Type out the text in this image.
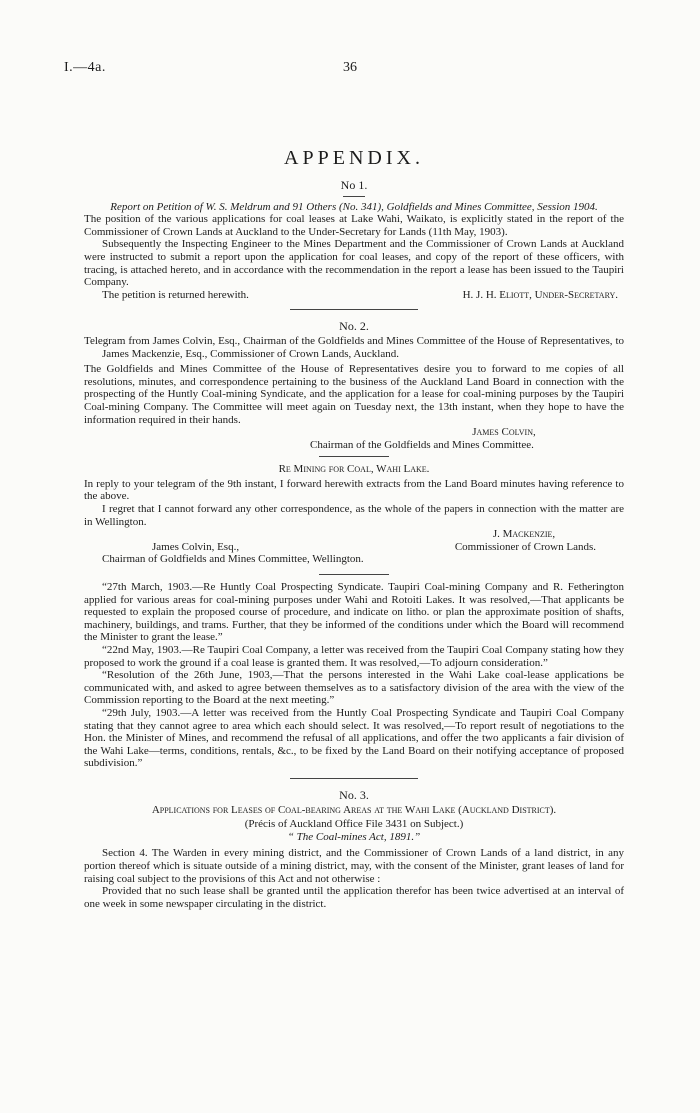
I.—4a.	36
APPENDIX.

No 1.

Report on Petition of W. S. Meldrum and 91 Others (No. 341), Goldfields and Mines Committee, Session 1904.

The position of the various applications for coal leases at Lake Wahi, Waikato, is explicitly stated in the report of the Commissioner of Crown Lands at Auckland to the Under-Secretary for Lands (11th May, 1903).

Subsequently the Inspecting Engineer to the Mines Department and the Commissioner of Crown Lands at Auckland were instructed to submit a report upon the application for coal leases, and copy of the report of these officers, with tracing, is attached hereto, and in accordance with the recommendation in the report a lease has been issued to the Taupiri Company.

The petition is returned herewith.	H. J. H. Eliott, Under-Secretary.

No. 2.

Telegram from James Colvin, Esq., Chairman of the Goldfields and Mines Committee of the House of Representatives, to James Mackenzie, Esq., Commissioner of Crown Lands, Auckland.

The Goldfields and Mines Committee of the House of Representatives desire you to forward to me copies of all resolutions, minutes, and correspondence pertaining to the business of the Auckland Land Board in connection with the prospecting of the Huntly Coal-mining Syndicate, and the application for a lease for coal-mining purposes by the Taupiri Coal-mining Company. The Committee will meet again on Tuesday next, the 13th instant, when they hope to have the information required in their hands.

James Colvin,

Chairman of the Goldfields and Mines Committee.

Re Mining for Coal, Wahi Lake.

In reply to your telegram of the 9th instant, I forward herewith extracts from the Land Board minutes having reference to the above.

I regret that I cannot forward any other correspondence, as the whole of the papers in connection with the matter are in Wellington.

J. Mackenzie,

James Colvin, Esq.,	Commissioner of Crown Lands.

Chairman of Goldfields and Mines Committee, Wellington.

“27th March, 1903.—Re Huntly Coal Prospecting Syndicate. Taupiri Coal-mining Company and R. Fetherington applied for various areas for coal-mining purposes under Wahi and Rotoiti Lakes. It was resolved,—That applicants be requested to explain the proposed course of procedure, and indicate on litho. or plan the approximate position of shafts, machinery, buildings, and trams. Further, that they be informed of the conditions under which the Board will recommend the Minister to grant the lease.”

“22nd May, 1903.—Re Taupiri Coal Company, a letter was received from the Taupiri Coal Company stating how they proposed to work the ground if a coal lease is granted them. It was resolved,—To adjourn consideration.”

“Resolution of the 26th June, 1903,—That the persons interested in the Wahi Lake coal-lease applications be communicated with, and asked to agree between themselves as to a satisfactory division of the area with the view of the Commission reporting to the Board at the next meeting.”

“29th July, 1903.—A letter was received from the Huntly Coal Prospecting Syndicate and Taupiri Coal Company stating that they cannot agree to area which each should select. It was resolved,—To report result of negotiations to the Hon. the Minister of Mines, and recommend the refusal of all applications, and offer the two applicants a fair division of the Wahi Lake—terms, conditions, rentals, &c., to be fixed by the Land Board on their notifying acceptance of proposed subdivision.”

No. 3.

Applications for Leases of Coal-bearing Areas at the Wahi Lake (Auckland District).

(Précis of Auckland Office File 3431 on Subject.)

“ The Coal-mines Act, 1891.”

Section 4. The Warden in every mining district, and the Commissioner of Crown Lands of a land district, in any portion thereof which is situate outside of a mining district, may, with the consent of the Minister, grant leases of land for raising coal subject to the provisions of this Act and not otherwise :

Provided that no such lease shall be granted until the application therefor has been twice advertised at an interval of one week in some newspaper circulating in the district.
